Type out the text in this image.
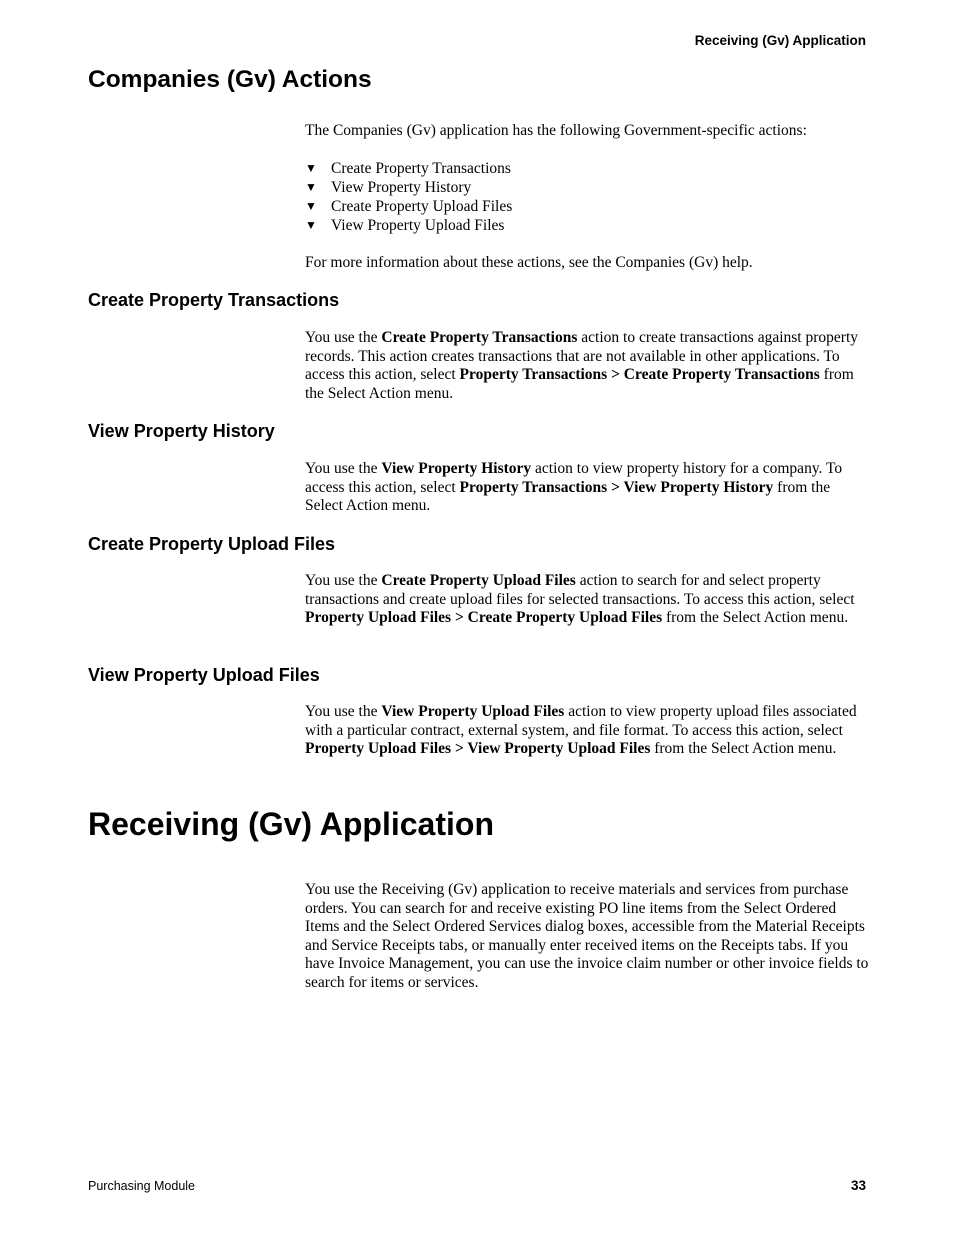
Receiving (Gv) Application
Companies (Gv) Actions

The Companies (Gv) application has the following Government-specific actions:

▼ Create Property Transactions
▼ View Property History
▼ Create Property Upload Files
▼ View Property Upload Files

For more information about these actions, see the Companies (Gv) help.

Create Property Transactions

You use the Create Property Transactions action to create transactions against property records. This action creates transactions that are not available in other applications. To access this action, select Property Transactions > Create Property Transactions from the Select Action menu.

View Property History

You use the View Property History action to view property history for a company. To access this action, select Property Transactions > View Property History from the Select Action menu.

Create Property Upload Files

You use the Create Property Upload Files action to search for and select property transactions and create upload files for selected transactions. To access this action, select Property Upload Files > Create Property Upload Files from the Select Action menu.

View Property Upload Files

You use the View Property Upload Files action to view property upload files associated with a particular contract, external system, and file format. To access this action, select Property Upload Files > View Property Upload Files from the Select Action menu.

Receiving (Gv) Application

You use the Receiving (Gv) application to receive materials and services from purchase orders. You can search for and receive existing PO line items from the Select Ordered Items and the Select Ordered Services dialog boxes, accessible from the Material Receipts and Service Receipts tabs, or manually enter received items on the Receipts tabs. If you have Invoice Management, you can use the invoice claim number or other invoice fields to search for items or services.

Purchasing Module	33
